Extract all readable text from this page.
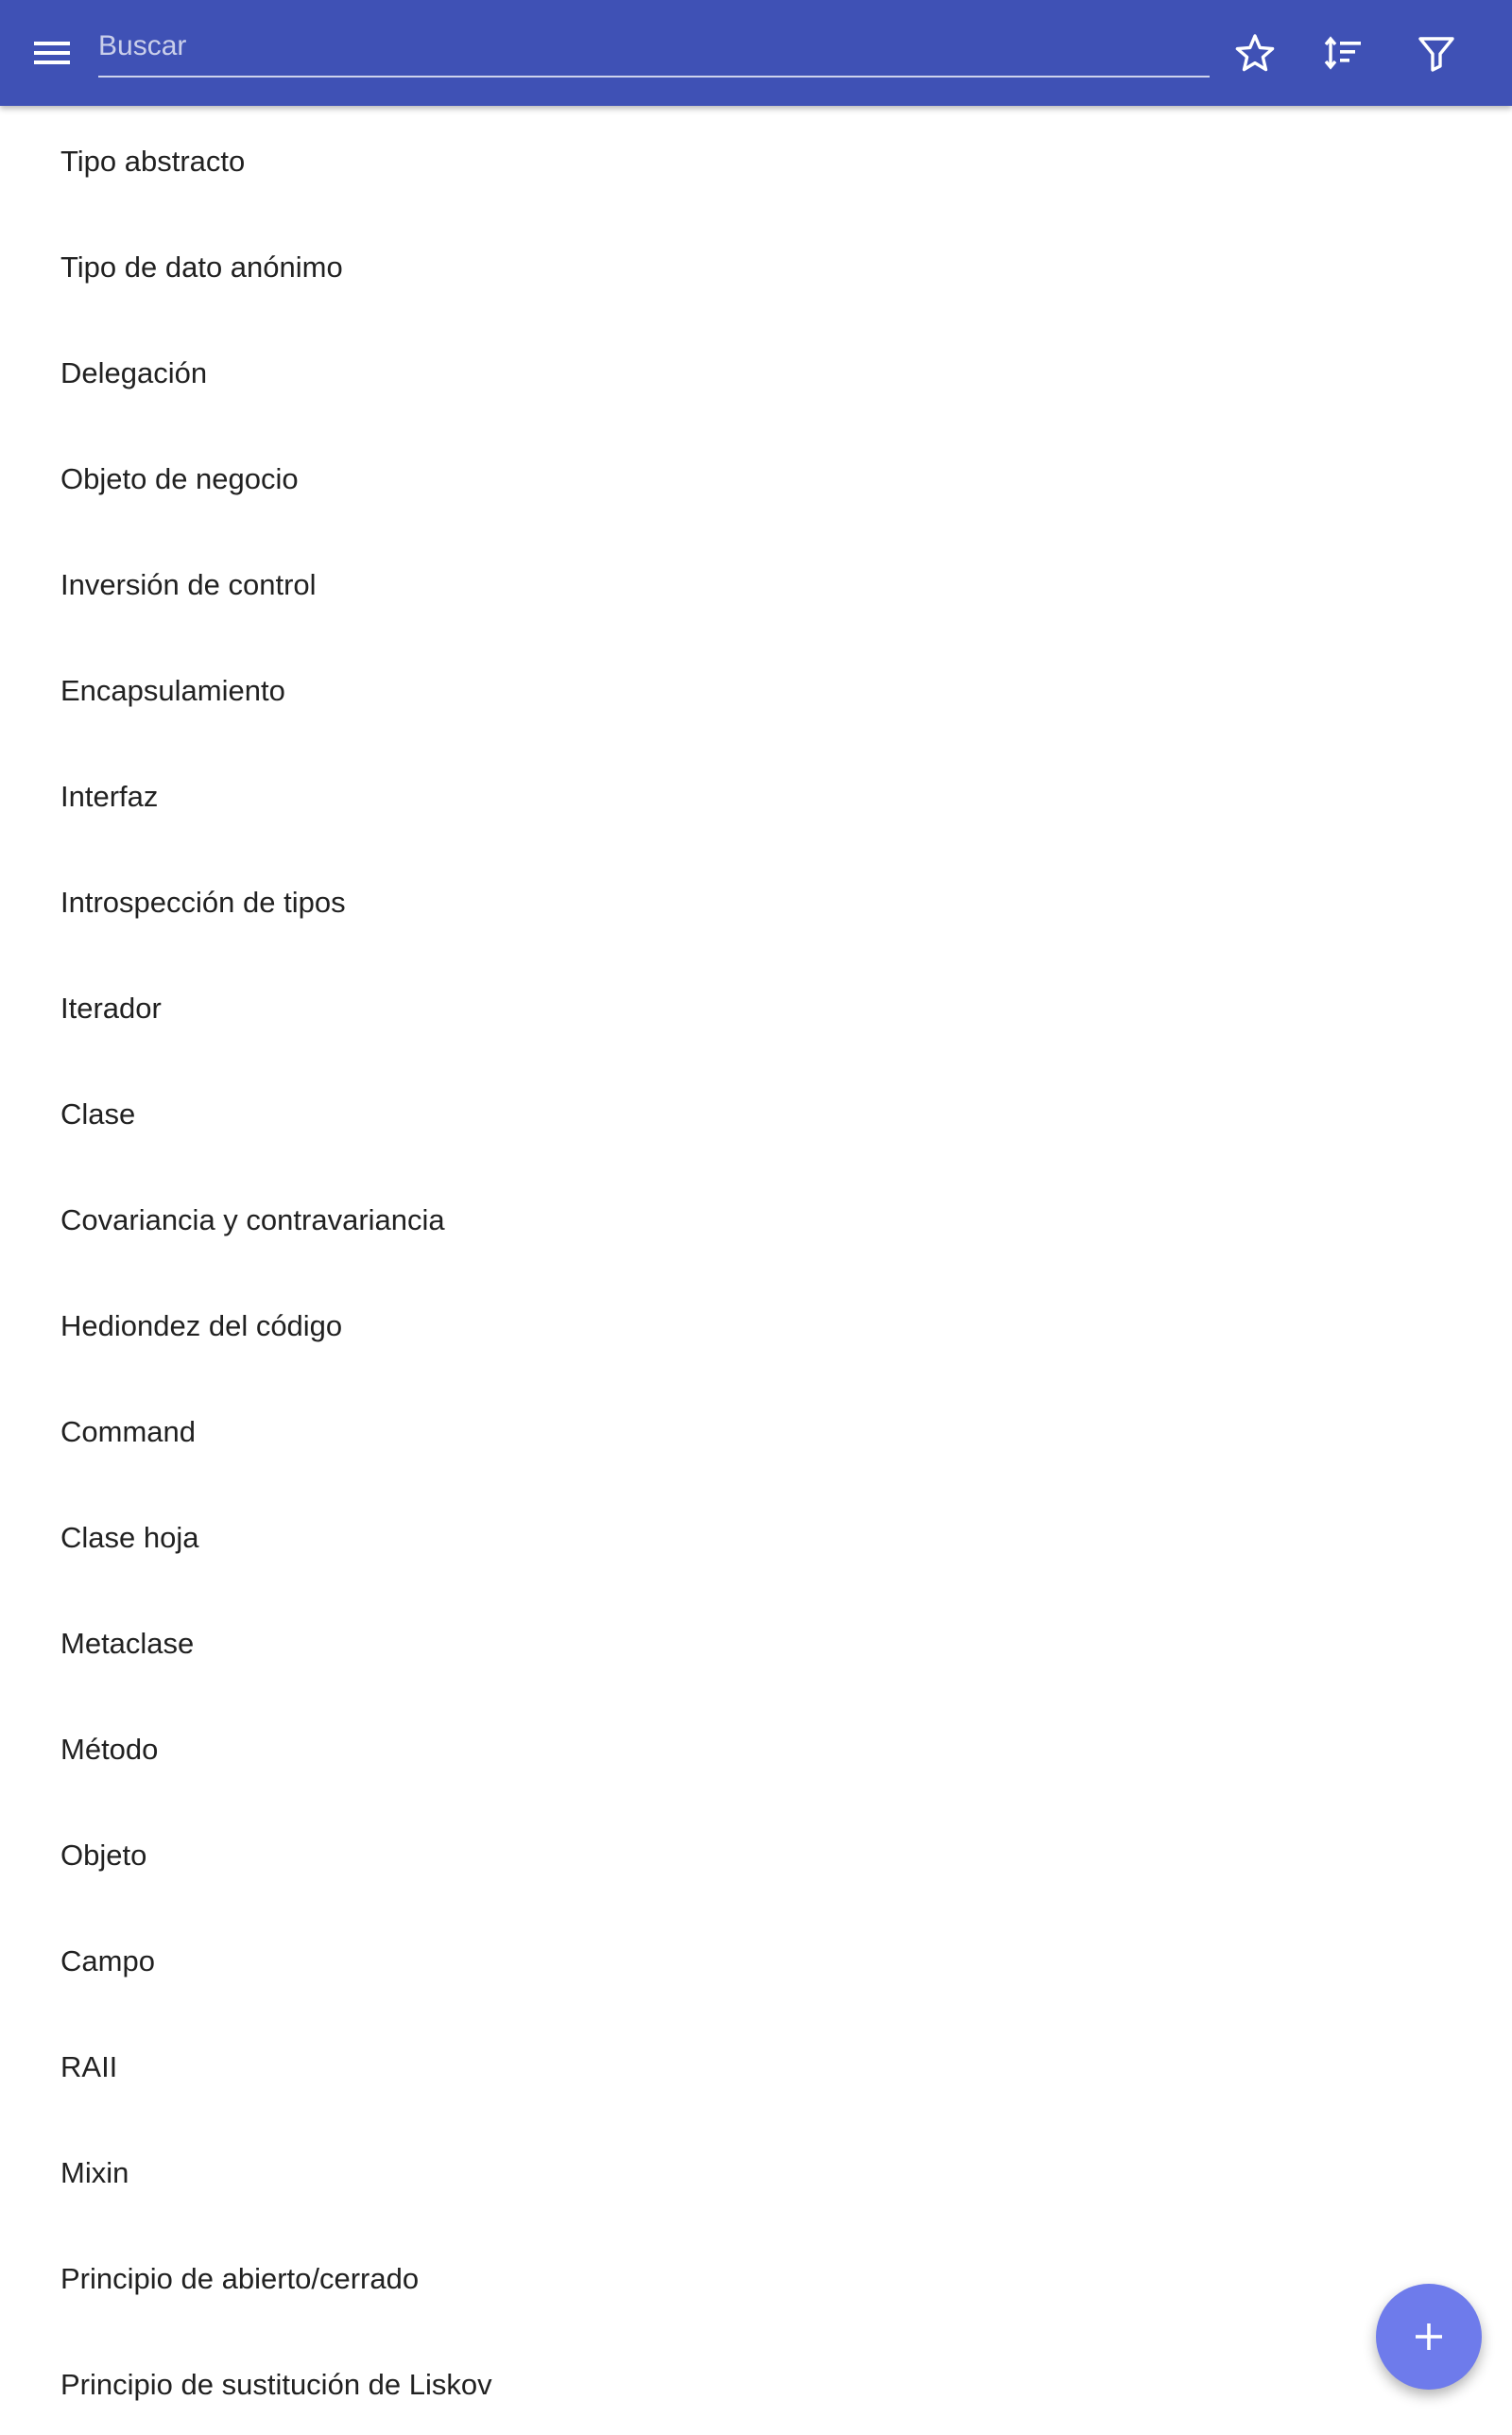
Buscar
Tipo abstracto
Tipo de dato anónimo
Delegación
Objeto de negocio
Inversión de control
Encapsulamiento
Interfaz
Introspección de tipos
Iterador
Clase
Covariancia y contravariancia
Hediondez del código
Command
Clase hoja
Metaclase
Método
Objeto
Campo
RAII
Mixin
Principio de abierto/cerrado
Principio de sustitución de Liskov
